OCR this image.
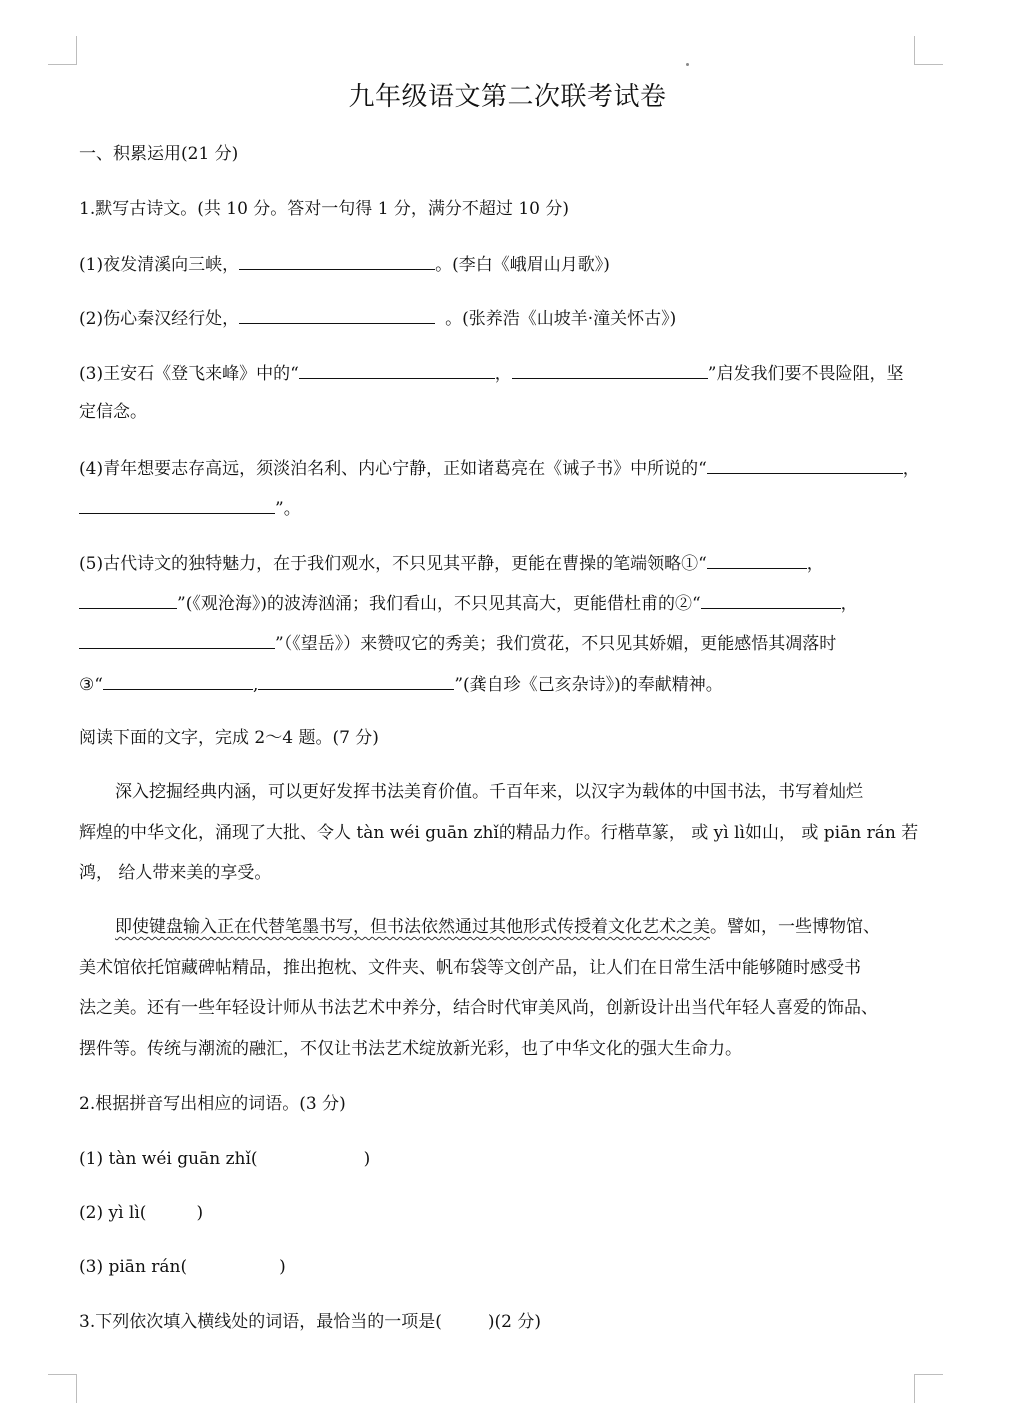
九年级语文第二次联考试卷
一、积累运用(21 分)
1.默写古诗文。(共 10 分。答对一句得 1 分，满分不超过 10 分)
(1)夜发清溪向三峡，	。(李白《峨眉山月歌》)
(2)伤心秦汉经行处，	。(张养浩《山坡羊·潼关怀古》)
(3)王安石《登飞来峰》中的“	，	”启发我们要不畏险阻，坚
定信念。
(4)青年想要志存高远，须淡泊名利、内心宁静，正如诸葛亮在《诫子书》中所说的“	，
”。
(5)古代诗文的独特魅力，在于我们观水，不只见其平静，更能在曹操的笔端领略①“	，
”(《观沧海》)的波涛汹涌；我们看山，不只见其高大，更能借杜甫的②“	，
”（《望岳》）来赞叹它的秀美；我们赏花，不只见其娇媚，更能感悟其凋落时
③“	,	”(龚自珍《己亥杂诗》)的奉献精神。
阅读下面的文字，完成 2～4 题。(7 分)
深入挖掘经典内涵，可以更好发挥书法美育价值。千百年来，以汉字为载体的中国书法，书写着灿烂
辉煌的中华文化，涌现了大批、令人 tàn wéi guān zhǐ的精品力作。行楷草篆， 或 yì lì如山， 或 piān rán 若
鸿， 给人带来美的享受。
即使键盘输入正在代替笔墨书写，但书法依然通过其他形式传授着文化艺术之美。譬如，一些博物馆、
美术馆依托馆藏碑帖精品，推出抱枕、文件夹、帆布袋等文创产品，让人们在日常生活中能够随时感受书
法之美。还有一些年轻设计师从书法艺术中养分，结合时代审美风尚，创新设计出当代年轻人喜爱的饰品、
摆件等。传统与潮流的融汇，不仅让书法艺术绽放新光彩，也了中华文化的强大生命力。
2.根据拼音写出相应的词语。(3 分)
(1) tàn wéi guān zhǐ(	)
(2) yì lì(	)
(3) piān rán(	)
3.下列依次填入横线处的词语，最恰当的一项是(	)(2 分)
